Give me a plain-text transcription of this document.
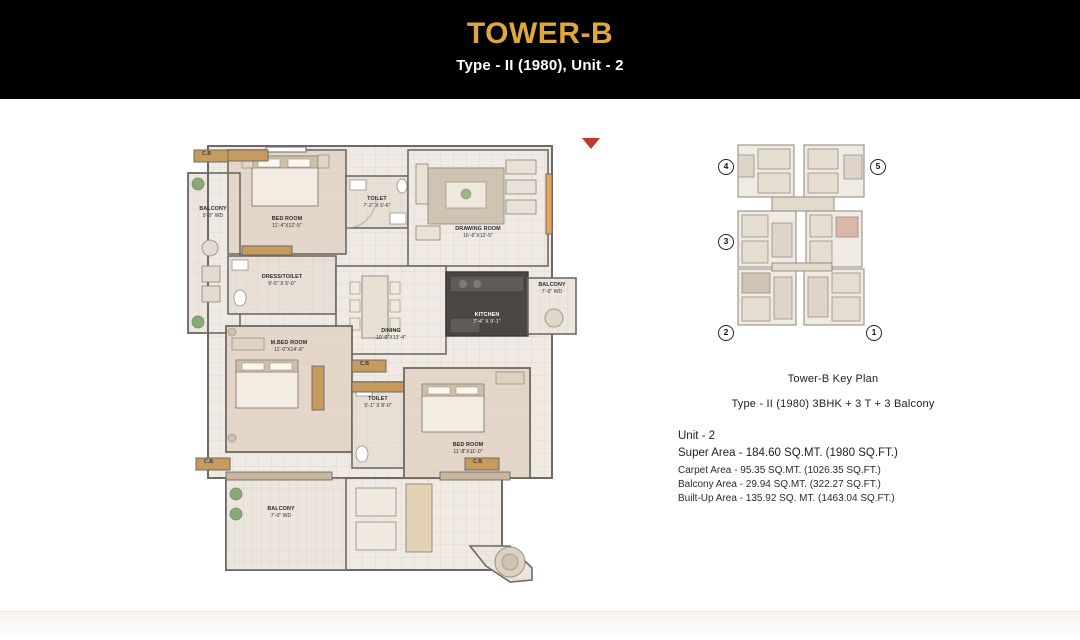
TOWER-B
Type - II (1980), Unit - 2
BED ROOM
11'-4"X12'-5"
TOILET
7'-2" X 5'-6"
DRAWING ROOM
16'-6"X12'-5"
BALCONY
9'-0" WD
DRESS/TOILET
9'-5" X 5'-0"
DINING
10'-0"X13'-4"
KITCHEN
7'-4" X 9'-1"
BALCONY
7'-6" WD
M.BED ROOM
11'-0"X14'-8"
TOILET
5'-1" X 8'-0"
BED ROOM
11'-8"X11'-0"
BALCONY
7'-0" WD
C.B
C.B	C.B
C.B
4	5
3
2	1
Tower-B Key Plan
Type - II (1980) 3BHK + 3 T + 3 Balcony
Unit - 2
Super Area - 184.60 SQ.MT. (1980 SQ.FT.)
Carpet Area - 95.35 SQ.MT. (1026.35 SQ.FT.)
Balcony Area - 29.94 SQ.MT. (322.27 SQ.FT.)
Built-Up Area - 135.92 SQ. MT. (1463.04 SQ.FT.)
